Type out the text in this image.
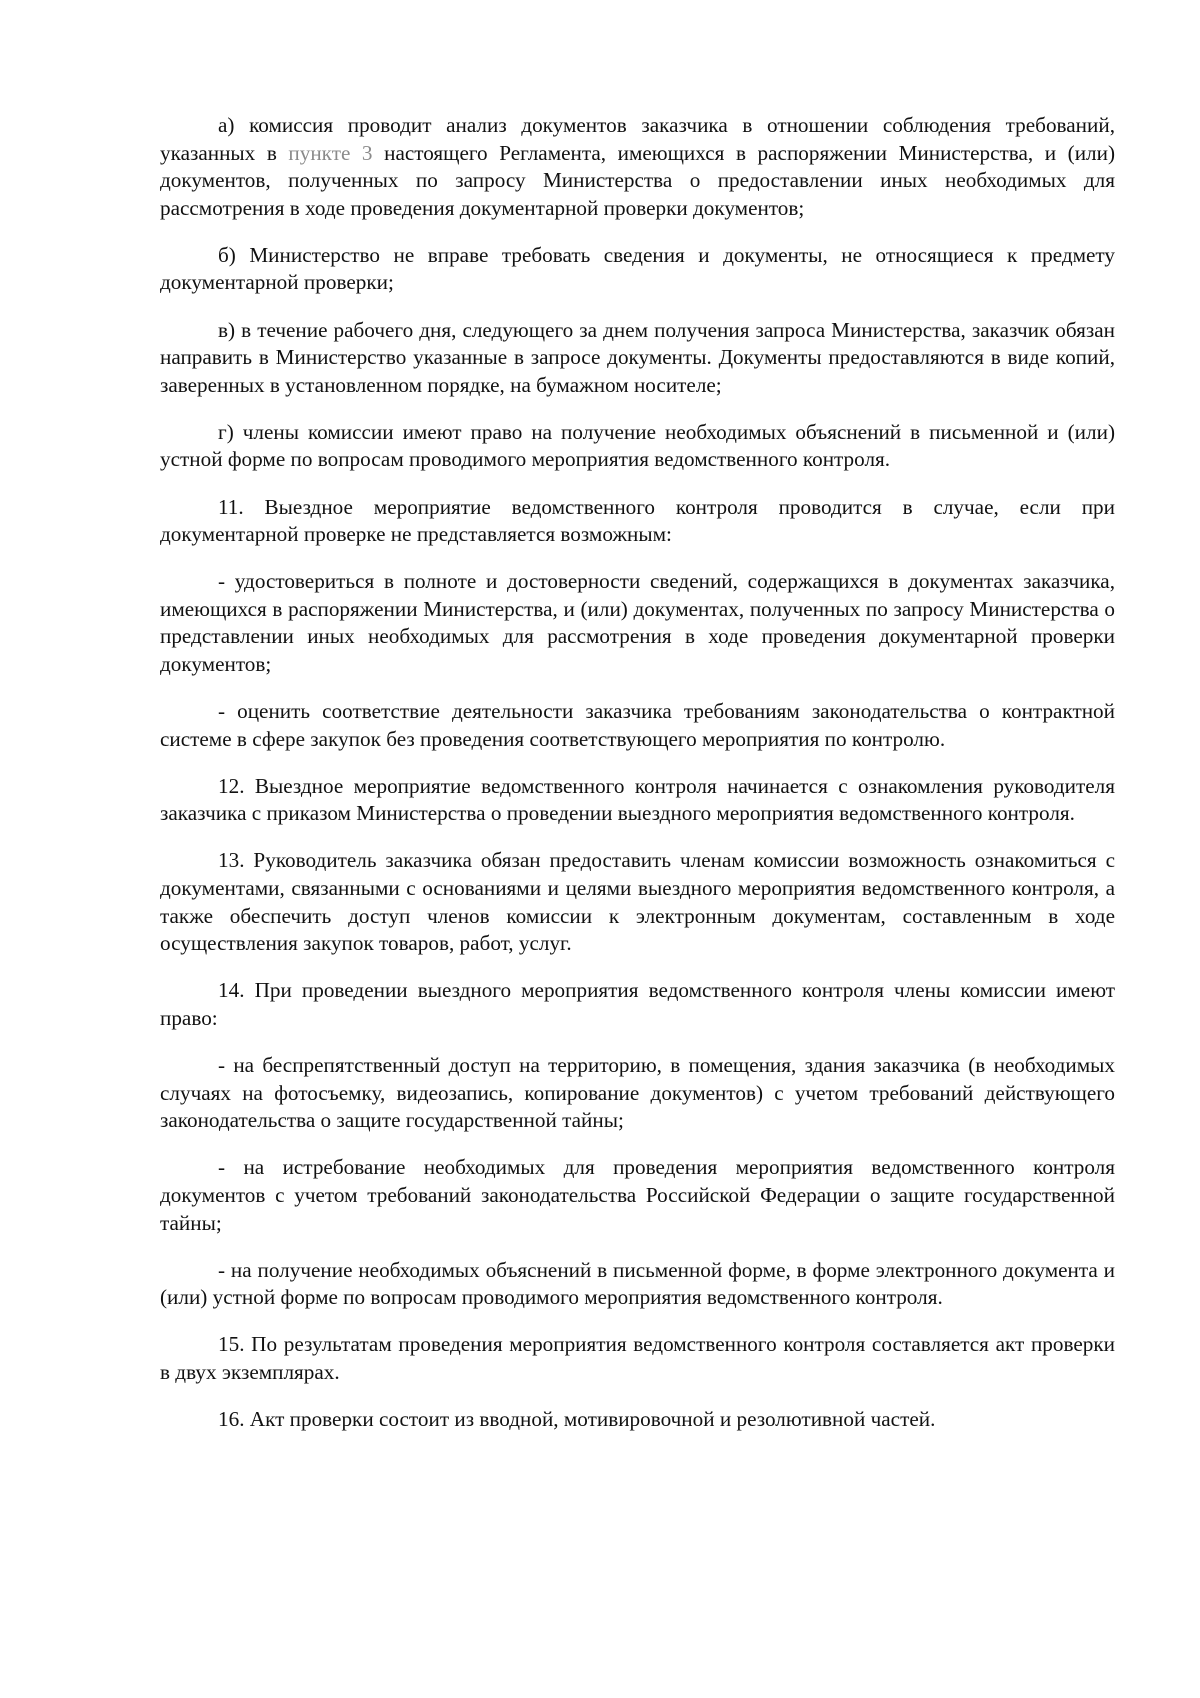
а) комиссия проводит анализ документов заказчика в отношении соблюдения требований, указанных в пункте 3 настоящего Регламента, имеющихся в распоряжении Министерства, и (или) документов, полученных по запросу Министерства о предоставлении иных необходимых для рассмотрения в ходе проведения документарной проверки документов;

б) Министерство не вправе требовать сведения и документы, не относящиеся к предмету документарной проверки;

в) в течение рабочего дня, следующего за днем получения запроса Министерства, заказчик обязан направить в Министерство указанные в запросе документы. Документы предоставляются в виде копий, заверенных в установленном порядке, на бумажном носителе;

г) члены комиссии имеют право на получение необходимых объяснений в письменной и (или) устной форме по вопросам проводимого мероприятия ведомственного контроля.

11. Выездное мероприятие ведомственного контроля проводится в случае, если при документарной проверке не представляется возможным:

- удостовериться в полноте и достоверности сведений, содержащихся в документах заказчика, имеющихся в распоряжении Министерства, и (или) документах, полученных по запросу Министерства о представлении иных необходимых для рассмотрения в ходе проведения документарной проверки документов;

- оценить соответствие деятельности заказчика требованиям законодательства о контрактной системе в сфере закупок без проведения соответствующего мероприятия по контролю.

12. Выездное мероприятие ведомственного контроля начинается с ознакомления руководителя заказчика с приказом Министерства о проведении выездного мероприятия ведомственного контроля.

13. Руководитель заказчика обязан предоставить членам комиссии возможность ознакомиться с документами, связанными с основаниями и целями выездного мероприятия ведомственного контроля, а также обеспечить доступ членов комиссии к электронным документам, составленным в ходе осуществления закупок товаров, работ, услуг.

14. При проведении выездного мероприятия ведомственного контроля члены комиссии имеют право:

- на беспрепятственный доступ на территорию, в помещения, здания заказчика (в необходимых случаях на фотосъемку, видеозапись, копирование документов) с учетом требований действующего законодательства о защите государственной тайны;

- на истребование необходимых для проведения мероприятия ведомственного контроля документов с учетом требований законодательства Российской Федерации о защите государственной тайны;

- на получение необходимых объяснений в письменной форме, в форме электронного документа и (или) устной форме по вопросам проводимого мероприятия ведомственного контроля.

15. По результатам проведения мероприятия ведомственного контроля составляется акт проверки в двух экземплярах.

16. Акт проверки состоит из вводной, мотивировочной и резолютивной частей.
